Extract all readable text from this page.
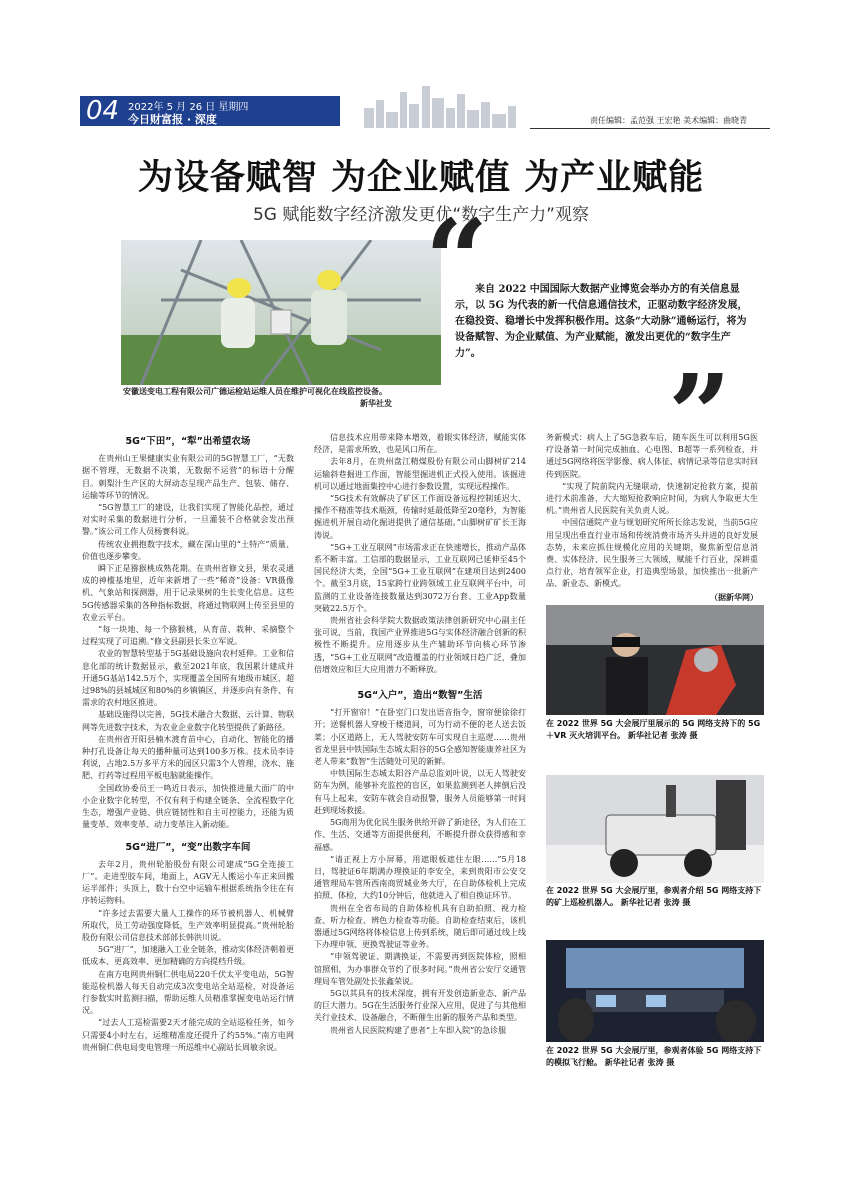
04 2022年 5 月 26 日 星期四
今日财富报 · 深度	责任编辑：孟范强 王宏艳 美术编辑：曲晓青
为设备赋智 为企业赋值 为产业赋能
5G 赋能数字经济激发更优“数字生产力”观察
安徽送变电工程有限公司广德运检站运维人员在维护可视化在线监控设备。
新华社发
“
”
来自 2022 中国国际大数据产业博览会举办方的有关信息显示，以 5G 为代表的新一代信息通信技术，正驱动数字经济发展，在稳投资、稳增长中发挥积极作用。这条“大动脉”通畅运行，将为设备赋智、为企业赋值、为产业赋能，激发出更优的“数字生产力”。
5G“下田”，“犁”出希望农场

在贵州山王果健康实业有限公司的5G智慧工厂，“无数据不管理，无数据不决策，无数据不运营”的标语十分醒目。刺梨汁生产区的大屏动态呈现产品生产、包装、储存、运输等环节的情况。

“5G智慧工厂的建设，让我们实现了智能化品控，通过对实时采集的数据进行分析，一旦灌装不合格就会发出预警。”该公司工作人员杨赛科说。

传统农业拥抱数字技术，藏在深山里的“土特产”质量、价值也逐步攀变。

瞬下正是猕猴桃成熟花期。在贵州省修文县，果农灵通成的神槛基地里，近年来新增了一些“稀奇”设备：VR摄像机、气象站和探测器，用于记录果树的生长变化信息。这些5G传感器采集的各种指标数据，将通过物联网上传至县里的农业云平台。

“每一块地、每一个猕猴桃，从育苗、栽种、采摘整个过程实现了可追溯。”修文县副县长朱立军说。

农业的智慧转型基于5G基础设施向农村延伸。工业和信息化部的统计数据显示，截至2021年底，我国累计建成并开通5G基站142.5万个，实现覆盖全国所有地级市城区、超过98%的县城城区和80%的乡镇镇区，并逐步向有条件、有需求的农村地区推进。

基础设施得以完善，5G技术融合大数据、云计算、物联网等先进数字技术，为农业企业数字化转型提供了新路径。

在贵州省开阳县楠木渡育苗中心，自动化、智能化的播种打孔设备让每天的播种量可达到100多万株。技术员李诗利说，占地2.5万多平方米的园区只需3个人管理，浇水、施肥、打药等过程用平板电脑就能操作。

全国政协委员王一鸣近日表示，加快推进量大面广的中小企业数字化转型，不仅有利于构建全链条、全流程数字化生态，增强产业链、供应链韧性和自主可控能力，还能为质量变革、效率变革、动力变革注入新动能。

5G“进厂”，“变”出数字车间

去年2月，贵州轮胎股份有限公司建成“5G全连接工厂”。走进型胶车间，地面上，AGV无人搬运小车正来回搬运半部件；头顶上，数十台空中运输车根据系统指令往在有序转运物料。

“许多过去需要大量人工操作的环节被机器人、机械臂所取代，员工劳动强度降低，生产效率明显提高。”贵州轮胎股份有限公司信息技术部部长韩洪川说。

5G“进厂”，加速融入工业全链条，推动实体经济朝着更低成本、更高效率、更加精确的方向提档升级。

在南方电网贵州铜仁供电局220千伏太平变电站，5G智能巡检机器人每天自动完成3次变电站全站巡检，对设备运行参数实时监测扫描，帮助运维人员精准掌握变电站运行情况。

“过去人工巡检需要2天才能完成的全站巡检任务，如今只需要4小时左右，运维精准度还提升了约55%。”南方电网贵州铜仁供电局变电管理一所巡维中心副站长周敏余说。

信息技术应用带来降本增效，着眼实体经济，赋能实体经济，是需求所致，也是风口所在。

去年8月，在贵州盘江精煤股份有限公司山脚树矿214运输斜巷掘进工作面，智能型掘进机正式投入使用。该掘进机可以通过地面集控中心进行参数设置，实现远程操作。

“5G技术有效解决了矿区工作面设备远程控制延迟大、操作不精准等技术瓶颈，传输时延最低降至20毫秒，为智能掘进机开展自动化掘进提供了通信基础。”山脚树矿矿长王海涛说。

“5G+工业互联网”市场需求正在快速增长，推动产品体系不断丰富。工信部的数据显示，工业互联网已延伸至45个国民经济大类，全国“5G+工业互联网”在建项目达到2400个。截至3月底，15家跨行业跨领域工业互联网平台中，可监测的工业设备连接数量达到3072万台套、工业App数量突破22.5万个。

贵州省社会科学院大数据政策法律创新研究中心副主任张可说，当前，我国产业界推进5G与实体经济融合创新的积极性不断提升。应用逐步从生产辅助环节向核心环节渗透，“5G+工业互联网”改造覆盖的行业领域日趋广泛，叠加倍增效应和巨大应用潜力不断释放。

5G“入户”，造出“数智”生活

“打开窗帘！”在卧室门口发出语音指令，窗帘便徐徐打开；送餐机器人穿梭于楼道间，可为行动不便的老人送去饭菜；小区道路上，无人驾驶安防车可实现自主巡逻……贵州省龙里县中铁国际生态城太阳谷的5G全感知智能康养社区为老人带来“数智”生活随处可见的新鲜。

中铁国际生态城太阳谷产品总监刘叶说，以无人驾驶安防车为例，能够补充监控的盲区，如果监测到老人摔倒后没有马上起来，安防车就会自动报警，服务人员能够第一时间赶到现场救援。

5G商用为优化民生服务供给开辟了新途径，为人们在工作、生活、交通等方面提供便利，不断提升群众获得感和幸福感。

“请正视上方小屏幕，用遮眼板遮住左眼……”5月18日，驾驶证6年期满办理换证的李安全，来到贵阳市公安交通管理局车管所西南商贸城业务大厅，在自助体检机上完成拍照、体检，大约10分钟后，他就进入了相自换证环节。

贵州在全省布局的自助体检机具有自助拍照、视力检查、听力检查、辨色力检查等功能。自助检查结束后，该机器通过5G网络将体检信息上传到系统，随后即可通过线上线下办理申领、更换驾驶证等业务。

“申领驾驶证、期满换证，不需要再到医院体检，照相馆照相，为办事群众节约了很多时间。”贵州省公安厅交通管理局车管处副处长张鑫荣说。

5G以其具有的技术深度，拥有开发创造新业态、新产品的巨大潜力。5G在生活服务行业深入应用，促进了与其他相关行业技术、设备融合，不断催生出新的服务产品和类型。

贵州省人民医院构建了患者“上车即入院”的急诊服

务新模式：病人上了5G急救车后，随车医生可以利用5G医疗设备第一时间完成抽血、心电图、B超等一系列检查，并通过5G网络将医学影像、病人体征、病情记录等信息实时回传到医院。

“实现了院前院内无缝联动，快速制定抢救方案，提前进行术前准备，大大缩短抢救响应时间，为病人争取更大生机。”贵州省人民医院有关负责人说。

中国信通院产业与规划研究所所长徐志发说，当前5G应用呈现出垂直行业市场和传统消费市场齐头并进的良好发展态势，未来应抓住规模化应用的关键期，聚焦新型信息消费、实体经济、民生服务三大领域，赋能千行百业，深耕重点行业，培育领军企业，打造典型场景，加快推出一批新产品、新业态、新模式。

（据新华网）

在 2022 世界 5G 大会展厅里展示的 5G 网络支持下的 5G＋VR 灭火培训平台。 新华社记者 张涛 摄
在 2022 世界 5G 大会展厅里，参观者介绍 5G 网络支持下的矿上巡检机器人。 新华社记者 张涛 摄
在 2022 世界 5G 大会展厅里，参观者体验 5G 网络支持下的模拟飞行舱。 新华社记者 张涛 摄
